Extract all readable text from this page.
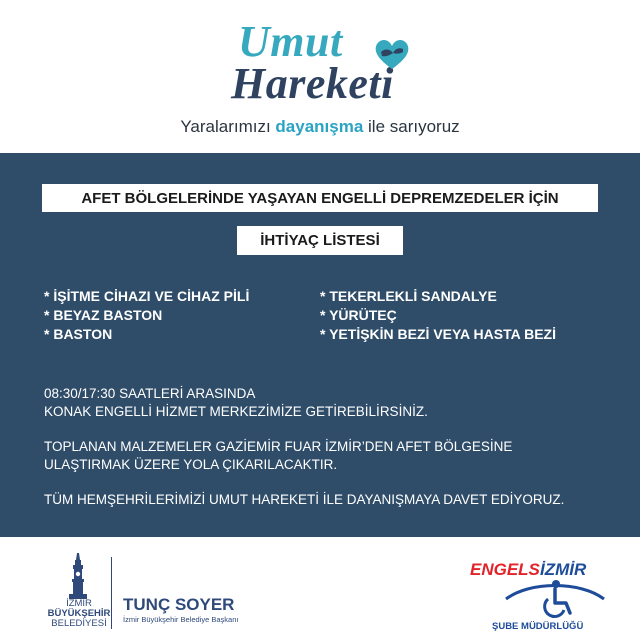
Umut
Hareketi
Yaralarımızı dayanışma ile sarıyoruz
AFET BÖLGELERİNDE YAŞAYAN ENGELLİ DEPREMZEDELER İÇİN
İHTİYAÇ LİSTESİ
* İŞİTME CİHAZI VE CİHAZ PİLİ
* BEYAZ BASTON
* BASTON
* TEKERLEKLİ SANDALYE
* YÜRÜTEÇ
* YETİŞKİN BEZİ VEYA HASTA BEZİ

08:30/17:30 SAATLERİ ARASINDA
KONAK ENGELLİ HİZMET MERKEZİMİZE GETİREBİLİRSİNİZ.

TOPLANAN MALZEMELER GAZİEMİR FUAR İZMİR’DEN AFET BÖLGESİNE
ULAŞTIRMAK ÜZERE YOLA ÇIKARILACAKTIR.

TÜM HEMŞEHRİLERİMİZİ UMUT HAREKETİ İLE DAYANIŞMAYA DAVET EDİYORUZ.

İZMİR
BÜYÜKŞEHİR
BELEDİYESİ
TUNÇ SOYER
İzmir Büyükşehir Belediye Başkanı
ENGELS İZMİR
ŞUBE MÜDÜRLÜĞÜ
